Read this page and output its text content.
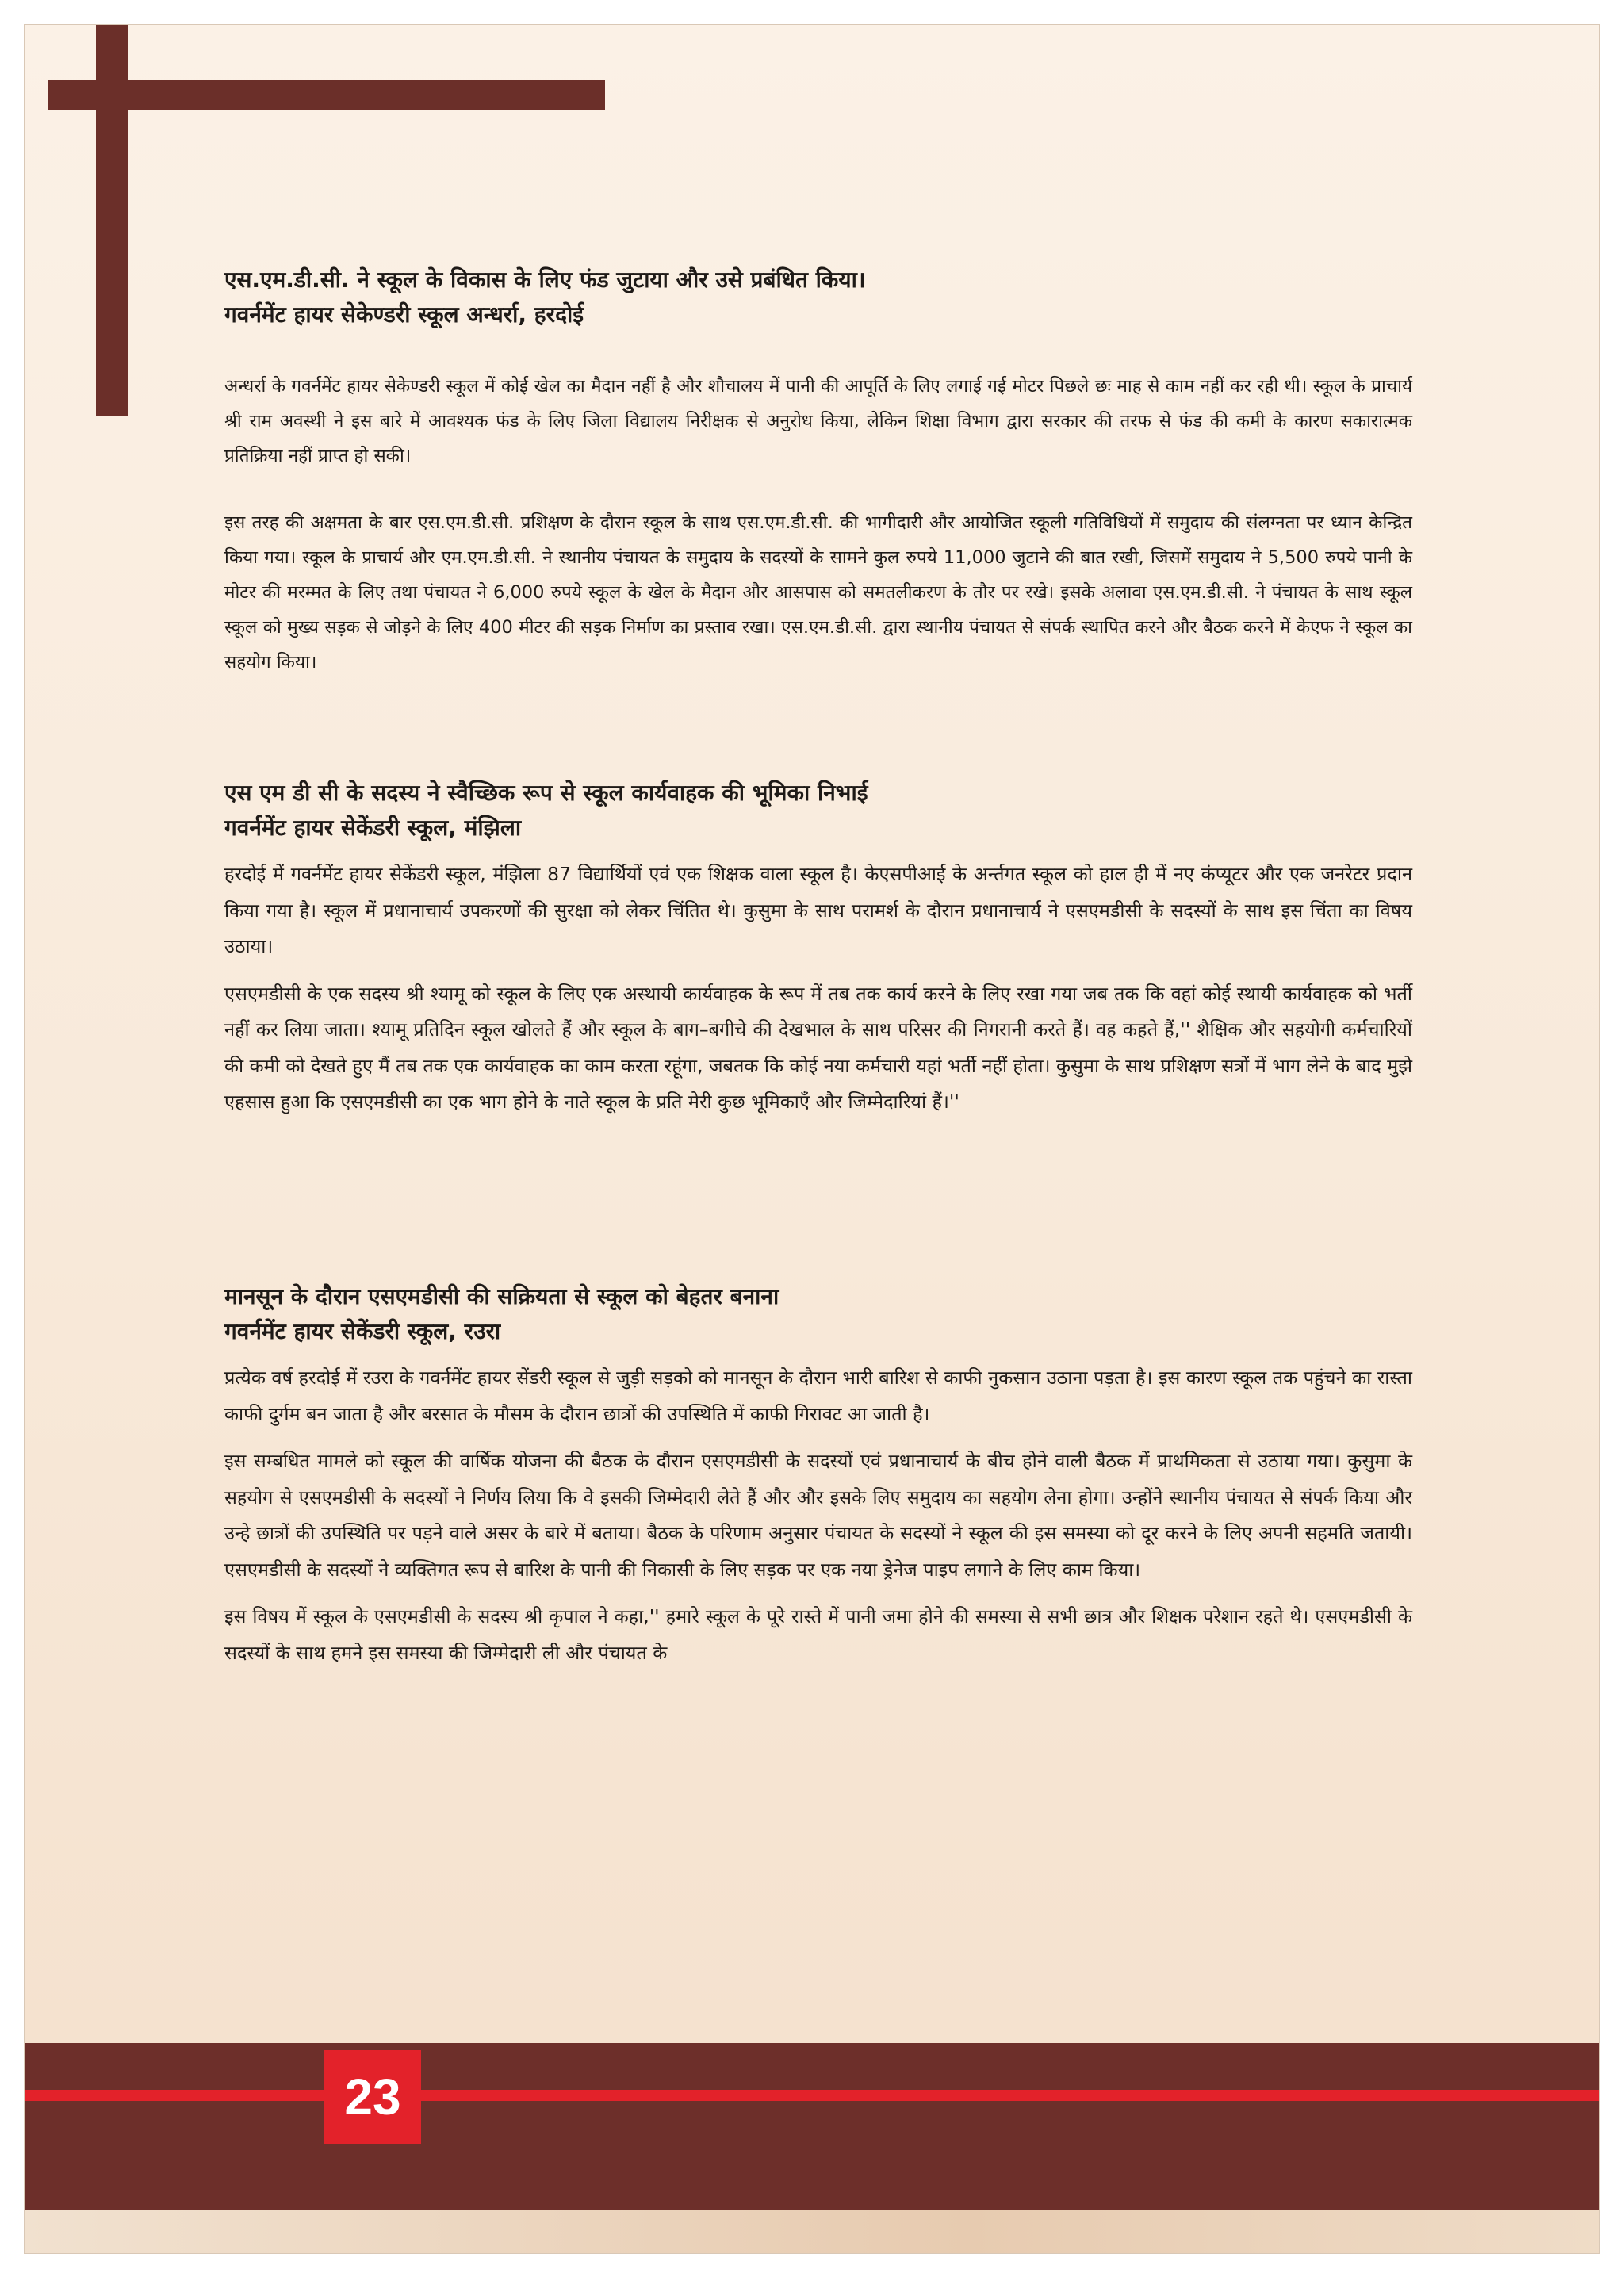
एस.एम.डी.सी. ने स्कूल के विकास के लिए फंड जुटाया और उसे प्रबंधित किया।

गवर्नमेंट हायर सेकेण्डरी स्कूल अन्धर्रा, हरदोई

अन्धर्रा के गवर्नमेंट हायर सेकेण्डरी स्कूल में कोई खेल का मैदान नहीं है और शौचालय में पानी की आपूर्ति के लिए लगाई गई मोटर पिछले छः माह से काम नहीं कर रही थी। स्कूल के प्राचार्य श्री राम अवस्थी ने इस बारे में आवश्यक फंड के लिए जिला विद्यालय निरीक्षक से अनुरोध किया, लेकिन शिक्षा विभाग द्वारा सरकार की तरफ से फंड की कमी के कारण सकारात्मक प्रतिक्रिया नहीं प्राप्त हो सकी।

इस तरह की अक्षमता के बार एस.एम.डी.सी. प्रशिक्षण के दौरान स्कूल के साथ एस.एम.डी.सी. की भागीदारी और आयोजित स्कूली गतिविधियों में समुदाय की संलग्नता पर ध्यान केन्द्रित किया गया। स्कूल के प्राचार्य और एम.एम.डी.सी. ने स्थानीय पंचायत के समुदाय के सदस्यों के सामने कुल रुपये 11,000 जुटाने की बात रखी, जिसमें समुदाय ने 5,500 रुपये पानी के मोटर की मरम्मत के लिए तथा पंचायत ने 6,000 रुपये स्कूल के खेल के मैदान और आसपास को समतलीकरण के तौर पर रखे। इसके अलावा एस.एम.डी.सी. ने पंचायत के साथ स्कूल स्कूल को मुख्य सड़क से जोड़ने के लिए 400 मीटर की सड़क निर्माण का प्रस्ताव रखा। एस.एम.डी.सी. द्वारा स्थानीय पंचायत से संपर्क स्थापित करने और बैठक करने में केएफ ने स्कूल का सहयोग किया।

एस एम डी सी के सदस्य ने स्वैच्छिक रूप से स्कूल कार्यवाहक की भूमिका निभाई

गवर्नमेंट हायर सेकेंडरी स्कूल, मंझिला

हरदोई में गवर्नमेंट हायर सेकेंडरी स्कूल, मंझिला 87 विद्यार्थियों एवं एक शिक्षक वाला स्कूल है। केएसपीआई के अर्न्तगत स्कूल को हाल ही में नए कंप्यूटर और एक जनरेटर प्रदान किया गया है। स्कूल में प्रधानाचार्य उपकरणों की सुरक्षा को लेकर चिंतित थे। कुसुमा के साथ परामर्श के दौरान प्रधानाचार्य ने एसएमडीसी के सदस्यों के साथ इस चिंता का विषय उठाया।

एसएमडीसी के एक सदस्य श्री श्यामू को स्कूल के लिए एक अस्थायी कार्यवाहक के रूप में तब तक कार्य करने के लिए रखा गया जब तक कि वहां कोई स्थायी कार्यवाहक को भर्ती नहीं कर लिया जाता। श्यामू प्रतिदिन स्कूल खोलते हैं और स्कूल के बाग–बगीचे की देखभाल के साथ परिसर की निगरानी करते हैं। वह कहते हैं,'' शैक्षिक और सहयोगी कर्मचारियों की कमी को देखते हुए मैं तब तक एक कार्यवाहक का काम करता रहूंगा, जबतक कि कोई नया कर्मचारी यहां भर्ती नहीं होता। कुसुमा के साथ प्रशिक्षण सत्रों में भाग लेने के बाद मुझे एहसास हुआ कि एसएमडीसी का एक भाग होने के नाते स्कूल के प्रति मेरी कुछ भूमिकाएँ और जिम्मेदारियां हैं।''

मानसून के दौरान एसएमडीसी की सक्रियता से स्कूल को बेहतर बनाना

गवर्नमेंट हायर सेकेंडरी स्कूल, रउरा

प्रत्येक वर्ष हरदोई में रउरा के गवर्नमेंट हायर सेंडरी स्कूल से जुड़ी सड़को को मानसून के दौरान भारी बारिश से काफी नुकसान उठाना पड़ता है। इस कारण स्कूल तक पहुंचने का रास्ता काफी दुर्गम बन जाता है और बरसात के मौसम के दौरान छात्रों की उपस्थिति में काफी गिरावट आ जाती है।

इस सम्बधित मामले को स्कूल की वार्षिक योजना की बैठक के दौरान एसएमडीसी के सदस्यों एवं प्रधानाचार्य के बीच होने वाली बैठक में प्राथमिकता से उठाया गया। कुसुमा के सहयोग से एसएमडीसी के सदस्यों ने निर्णय लिया कि वे इसकी जिम्मेदारी लेते हैं और और इसके लिए समुदाय का सहयोग लेना होगा। उन्होंने स्थानीय पंचायत से संपर्क किया और उन्हे छात्रों की उपस्थिति पर पड़ने वाले असर के बारे में बताया। बैठक के परिणाम अनुसार पंचायत के सदस्यों ने स्कूल की इस समस्या को दूर करने के लिए अपनी सहमति जतायी। एसएमडीसी के सदस्यों ने व्यक्तिगत रूप से बारिश के पानी की निकासी के लिए सड़क पर एक नया ड्रेनेज पाइप लगाने के लिए काम किया।

इस विषय में स्कूल के एसएमडीसी के सदस्य श्री कृपाल ने कहा,'' हमारे स्कूल के पूरे रास्ते में पानी जमा होने की समस्या से सभी छात्र और शिक्षक परेशान रहते थे। एसएमडीसी के सदस्यों के साथ हमने इस समस्या की जिम्मेदारी ली और पंचायत के

23
